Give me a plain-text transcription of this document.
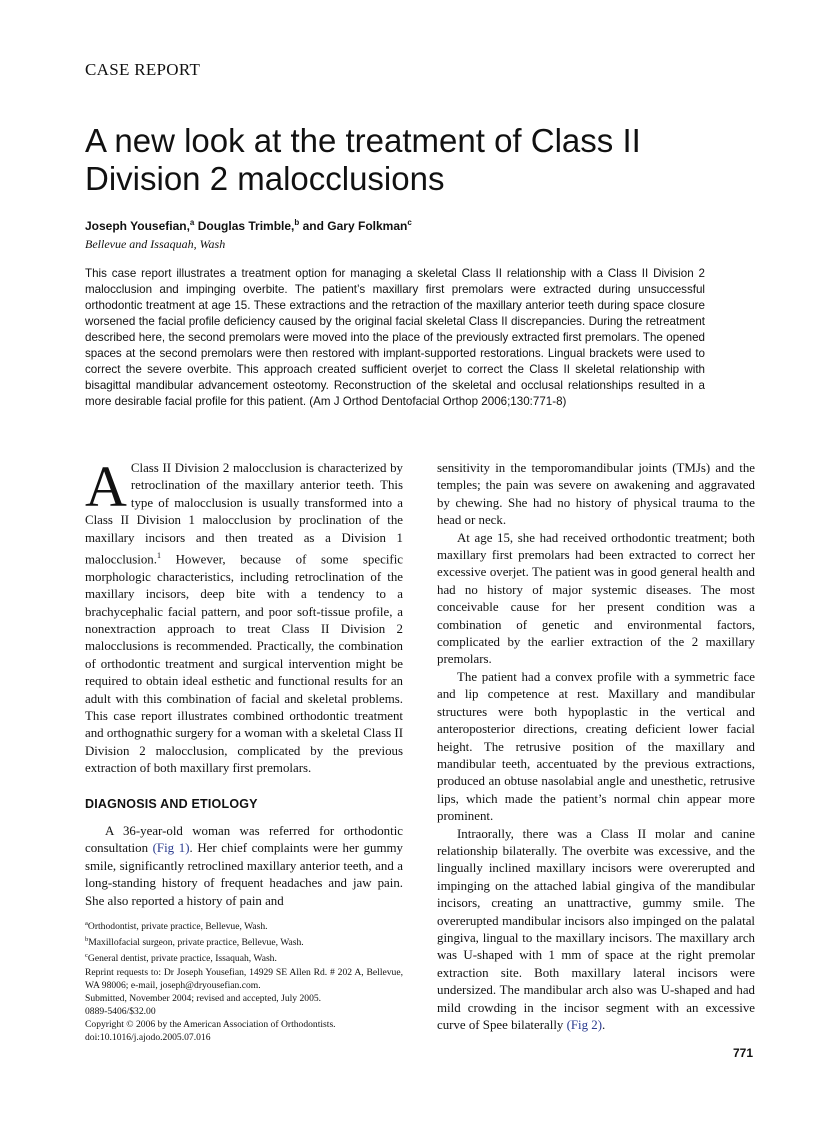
CASE REPORT
A new look at the treatment of Class II Division 2 malocclusions
Joseph Yousefian,$^a$ Douglas Trimble,$^b$ and Gary Folkman$^c$
Bellevue and Issaquah, Wash

This case report illustrates a treatment option for managing a skeletal Class II relationship with a Class II Division 2 malocclusion and impinging overbite. The patient’s maxillary first premolars were extracted during unsuccessful orthodontic treatment at age 15. These extractions and the retraction of the maxillary anterior teeth during space closure worsened the facial profile deficiency caused by the original facial skeletal Class II discrepancies. During the retreatment described here, the second premolars were moved into the place of the previously extracted first premolars. The opened spaces at the second premolars were then restored with implant-supported restorations. Lingual brackets were used to correct the severe overbite. This approach created sufficient overjet to correct the Class II skeletal relationship with bisagittal mandibular advancement osteotomy. Reconstruction of the skeletal and occlusal relationships resulted in a more desirable facial profile for this patient. (Am J Orthod Dentofacial Orthop 2006;130:771-8)

A Class II Division 2 malocclusion is characterized by retroclination of the maxillary anterior teeth. This type of malocclusion is usually transformed into a Class II Division 1 malocclusion by proclination of the maxillary incisors and then treated as a Division 1 malocclusion.$^1$ However, because of some specific morphologic characteristics, including retroclination of the maxillary incisors, deep bite with a tendency to a brachycephalic facial pattern, and poor soft-tissue profile, a nonextraction approach to treat Class II Division 2 malocclusions is recommended. Practically, the combination of orthodontic treatment and surgical intervention might be required to obtain ideal esthetic and functional results for an adult with this combination of facial and skeletal problems. This case report illustrates combined orthodontic treatment and orthognathic surgery for a woman with a skeletal Class II Division 2 malocclusion, complicated by the previous extraction of both maxillary first premolars.

DIAGNOSIS AND ETIOLOGY

A 36-year-old woman was referred for orthodontic consultation (Fig 1). Her chief complaints were her gummy smile, significantly retroclined maxillary anterior teeth, and a long-standing history of frequent headaches and jaw pain. She also reported a history of pain and

sensitivity in the temporomandibular joints (TMJs) and the temples; the pain was severe on awakening and aggravated by chewing. She had no history of physical trauma to the head or neck.

At age 15, she had received orthodontic treatment; both maxillary first premolars had been extracted to correct her excessive overjet. The patient was in good general health and had no history of major systemic diseases. The most conceivable cause for her present condition was a combination of genetic and environmental factors, complicated by the earlier extraction of the 2 maxillary premolars.

The patient had a convex profile with a symmetric face and lip competence at rest. Maxillary and mandibular structures were both hypoplastic in the vertical and anteroposterior directions, creating deficient lower facial height. The retrusive position of the maxillary and mandibular teeth, accentuated by the previous extractions, produced an obtuse nasolabial angle and unesthetic, retrusive lips, which made the patient’s normal chin appear more prominent.

Intraorally, there was a Class II molar and canine relationship bilaterally. The overbite was excessive, and the lingually inclined maxillary incisors were overerupted and impinging on the attached labial gingiva of the mandibular incisors, creating an unattractive, gummy smile. The overerupted mandibular incisors also impinged on the palatal gingiva, lingual to the maxillary incisors. The maxillary arch was U-shaped with 1 mm of space at the right premolar extraction site. Both maxillary lateral incisors were undersized. The mandibular arch also was U-shaped and had mild crowding in the incisor segment with an excessive curve of Spee bilaterally (Fig 2).

$^a$Orthodontist, private practice, Bellevue, Wash.
$^b$Maxillofacial surgeon, private practice, Bellevue, Wash.
$^c$General dentist, private practice, Issaquah, Wash.
Reprint requests to: Dr Joseph Yousefian, 14929 SE Allen Rd. # 202 A, Bellevue, WA 98006; e-mail, joseph@dryousefian.com.
Submitted, November 2004; revised and accepted, July 2005.
0889-5406/$32.00
Copyright © 2006 by the American Association of Orthodontists.
doi:10.1016/j.ajodo.2005.07.016
771
